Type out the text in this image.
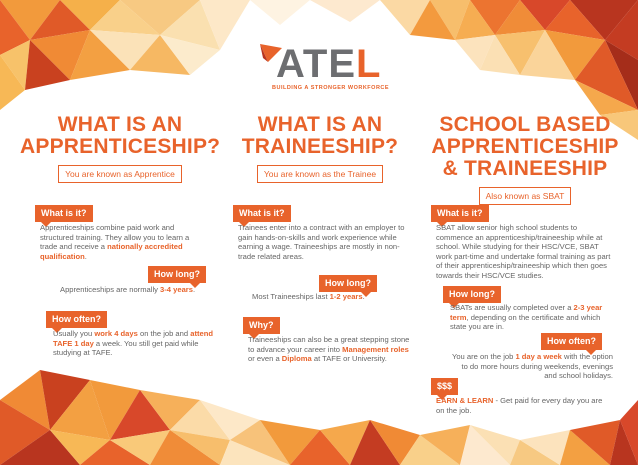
ATEL
BUILDING A STRONGER WORKFORCE
WHAT IS AN
APPRENTICESHIP?
You are known as Apprentice
What is it?
Apprenticeships combine paid work and structured training. They allow you to learn a trade and receive a nationally accredited qualification.
How long?
Apprenticeships are normally 3-4 years.
How often?
Usually you work 4 days on the job and attend TAFE 1 day a week. You still get paid while studying at TAFE.
WHAT IS AN
TRAINEESHIP?
You are known as the Trainee
What is it?
Trainees enter into a contract with an employer to gain hands-on-skills and work experience while earning a wage. Traineeships are mostly in non-trade related areas.
How long?
Most Traineeships last 1-2 years.
Why?
Traineeships can also be a great stepping stone to advance your career into Management roles or even a Diploma at TAFE or University.
SCHOOL BASED
APPRENTICESHIP
& TRAINEESHIP
Also known as SBAT
What is it?
SBAT allow senior high school students to commence an apprenticeship/traineeship while at school. While studying for their HSC/VCE, SBAT work part-time and undertake formal training as part of their apprenticeship/traineeship which then goes towards their HSC/VCE studies.
How long?
SBATs are usually completed over a 2-3 year term, depending on the certificate and which state you are in.
How often?
You are on the job 1 day a week with the option to do more hours during weekends, evenings and school holidays.
$$$
EARN & LEARN - Get paid for every day you are on the job.
